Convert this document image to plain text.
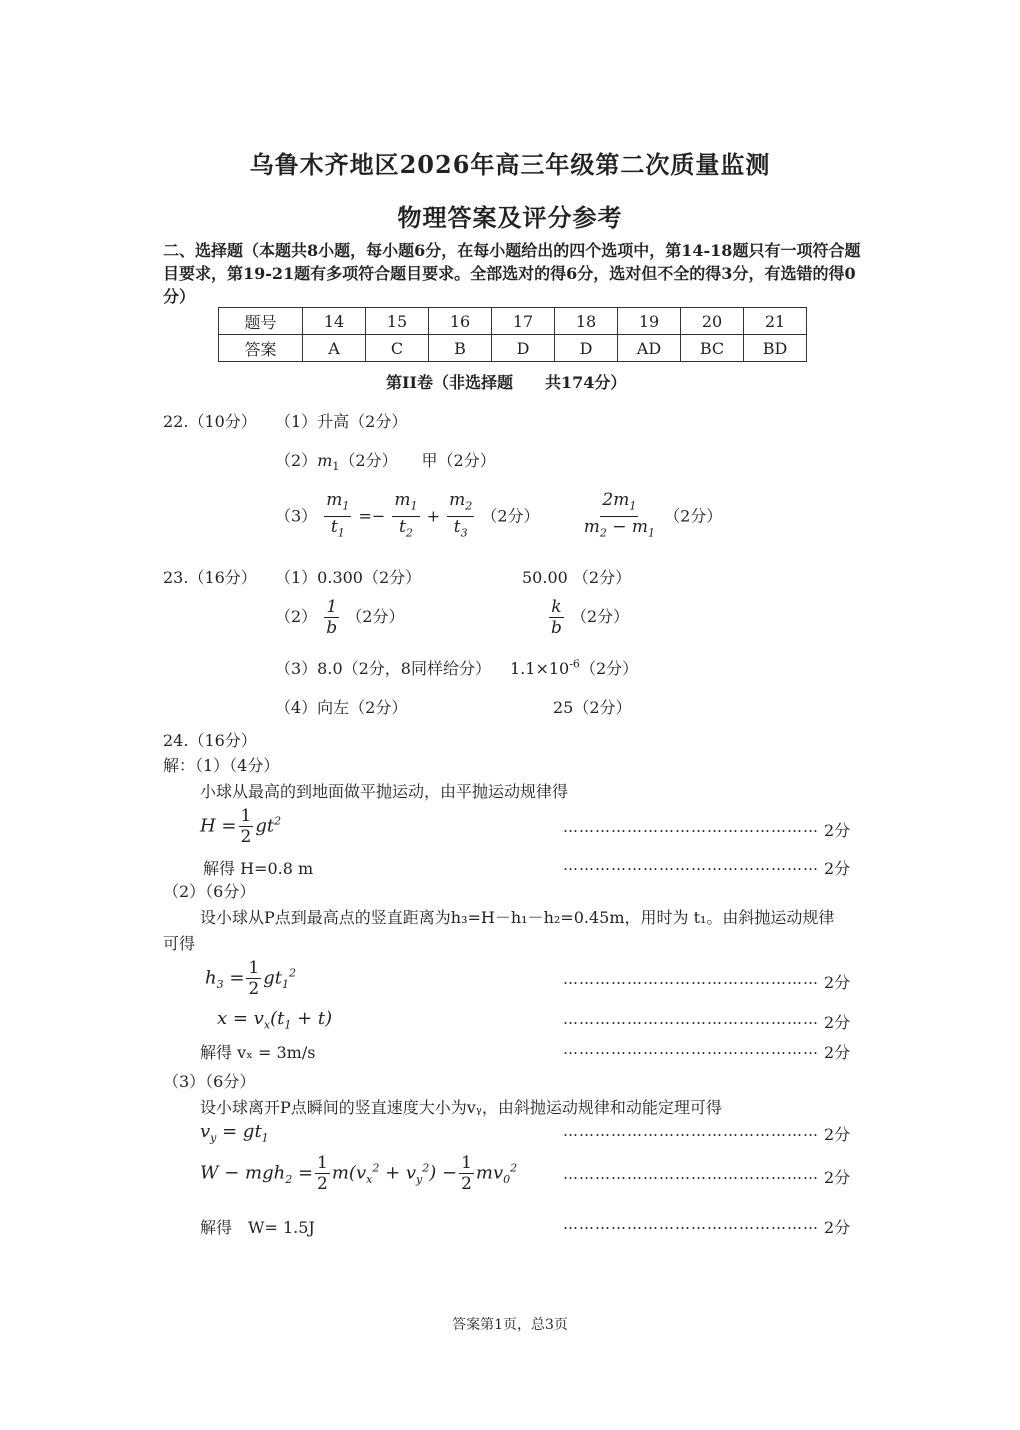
乌鲁木齐地区2026年高三年级第二次质量监测
物理答案及评分参考
二、选择题（本题共8小题，每小题6分，在每小题给出的四个选项中，第14-18题只有一项符合题目要求，第19-21题有多项符合题目要求。全部选对的得6分，选对但不全的得3分，有选错的得0分）
题号	14	15	16	17	18	19	20	21
答案	A	C	B	D	D	AD	BC	BD
第II卷（非选择题　　共174分）
22.（10分） （1）升高（2分）
$(2)m_1(2$分）　　甲（2分）
$(3) \frac{m_1}{t_1} =- \frac{m_1}{t_2} + \frac{m_2}{t_3} (2$分） $\frac{2m_1}{m_2 - m_1} (2$分）
23.（16分） （1）0.300（2分）	50.00 （2分）
$(2) \frac{1}{b} (2$分）	$\frac{k}{b} (2$分）
（3）8.0（2分，8同样给分） $1.1\times 10^{-6}(2$分）
（4）向左（2分）	25（2分）
24.（16分）
解：（1）（4分）
小球从最高的到地面做平抛运动，由平抛运动规律得
$H = \frac{1}{2} gt^2$	………………………………………… 2分
解得 H=0.8 m	………………………………………… 2分
（2）（6分）
设小球从P点到最高点的竖直距离为h₃=H－h₁－h₂=0.45m，用时为 t₁。由斜抛运动规律
可得
$h_3 = \frac{1}{2} gt_1^2$	………………………………………… 2分
$x = v_x(t_1 + t)$	………………………………………… 2分
解得 vₓ = 3m/s	………………………………………… 2分
（3）（6分）
设小球离开P点瞬间的竖直速度大小为vᵧ，由斜抛运动规律和动能定理可得
$v_y = gt_1$	………………………………………… 2分
$W - mgh_2 = \frac{1}{2} m(v_x^2 + v_y^2) - \frac{1}{2} mv_0^2$	………………………………………… 2分
解得　W= 1.5J	………………………………………… 2分
答案第1页，总3页
